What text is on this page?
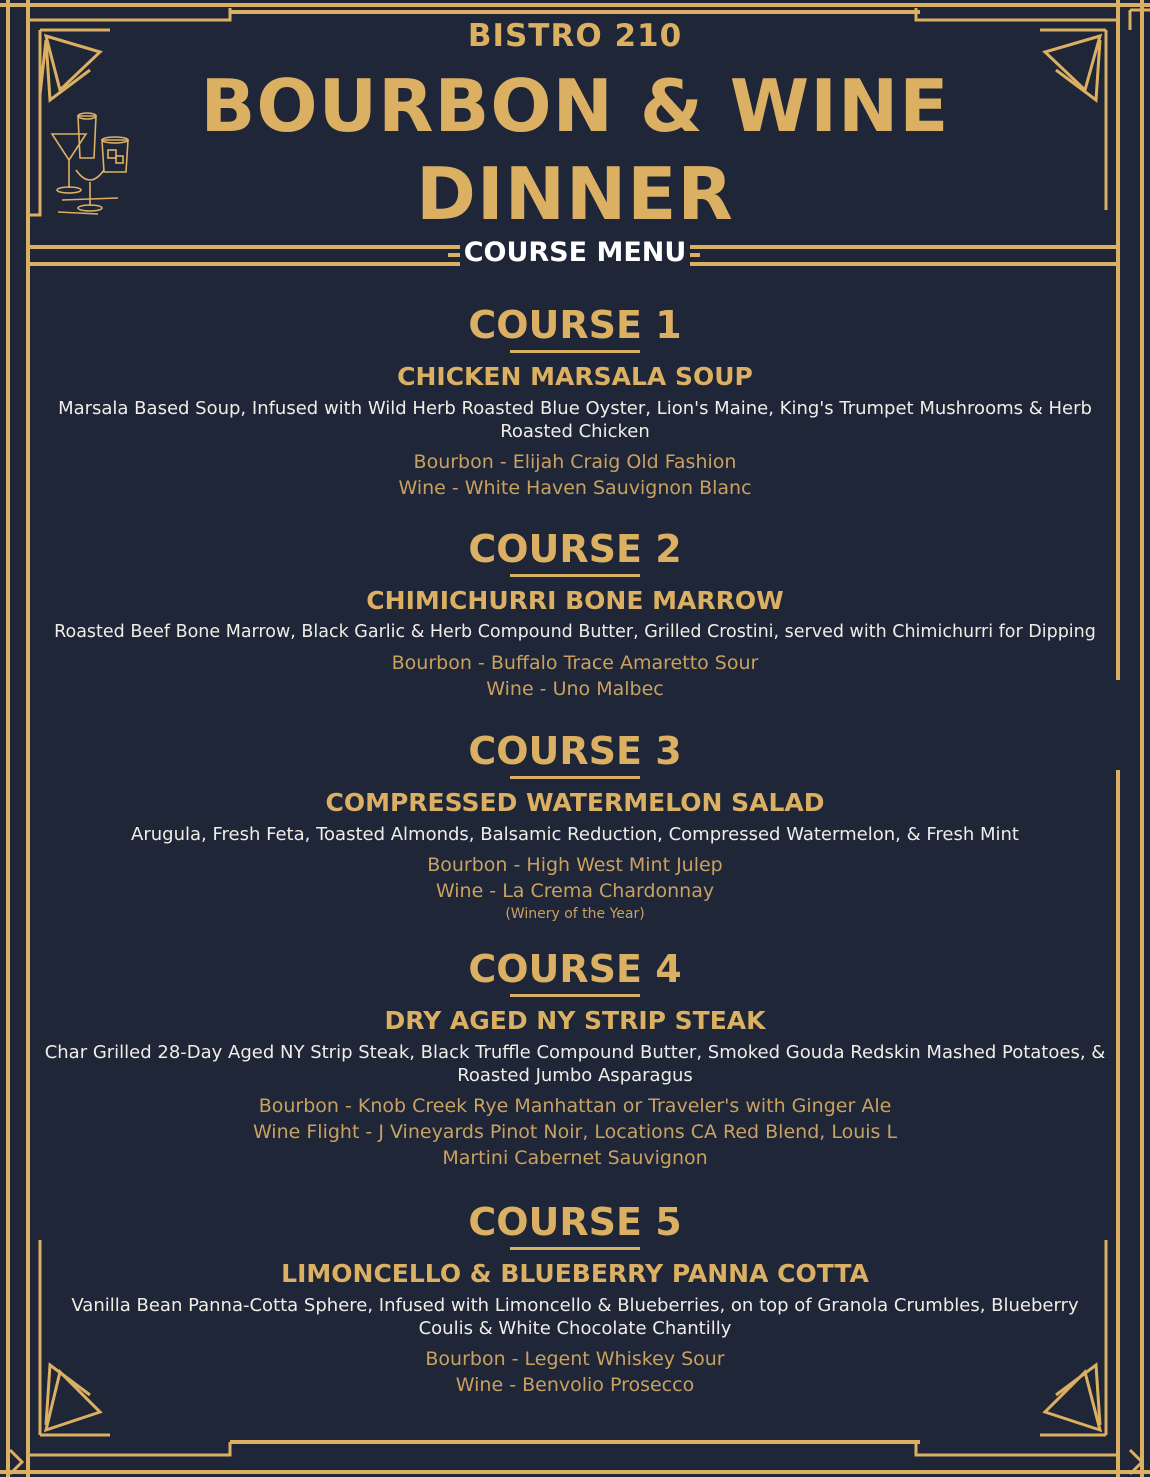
BISTRO 210
BOURBON & WINE DINNER
COURSE MENU
COURSE 1
CHICKEN MARSALA SOUP
Marsala Based Soup, Infused with Wild Herb Roasted Blue Oyster, Lion's Maine, King's Trumpet Mushrooms & Herb Roasted Chicken
Bourbon - Elijah Craig Old Fashion
Wine - White Haven Sauvignon Blanc
COURSE 2
CHIMICHURRI BONE MARROW
Roasted Beef Bone Marrow, Black Garlic & Herb Compound Butter, Grilled Crostini, served with Chimichurri for Dipping
Bourbon - Buffalo Trace Amaretto Sour
Wine - Uno Malbec
COURSE 3
COMPRESSED WATERMELON SALAD
Arugula, Fresh Feta, Toasted Almonds, Balsamic Reduction, Compressed Watermelon, & Fresh Mint
Bourbon - High West Mint Julep
Wine - La Crema Chardonnay
(Winery of the Year)
COURSE 4
DRY AGED NY STRIP STEAK
Char Grilled 28-Day Aged NY Strip Steak, Black Truffle Compound Butter, Smoked Gouda Redskin Mashed Potatoes, & Roasted Jumbo Asparagus
Bourbon - Knob Creek Rye Manhattan or Traveler's with Ginger Ale
Wine Flight - J Vineyards Pinot Noir, Locations CA Red Blend, Louis L Martini Cabernet Sauvignon
COURSE 5
LIMONCELLO & BLUEBERRY PANNA COTTA
Vanilla Bean Panna-Cotta Sphere, Infused with Limoncello & Blueberries, on top of Granola Crumbles, Blueberry Coulis & White Chocolate Chantilly
Bourbon - Legent Whiskey Sour
Wine - Benvolio Prosecco
